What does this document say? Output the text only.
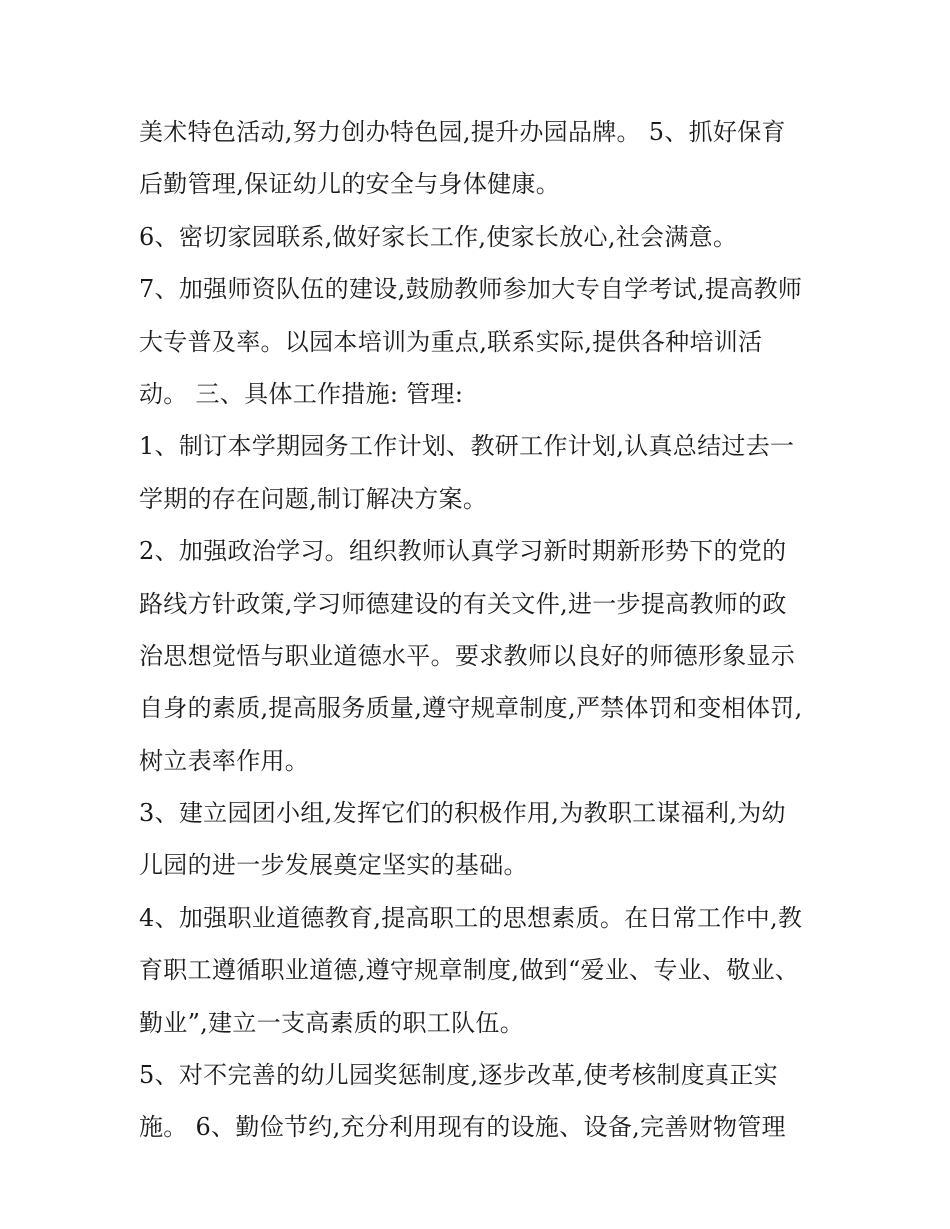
美术特色活动,努力创办特色园,提升办园品牌。 5、抓好保育
后勤管理,保证幼儿的安全与身体健康。
6、密切家园联系,做好家长工作,使家长放心,社会满意。
7、加强师资队伍的建设,鼓励教师参加大专自学考试,提高教师
大专普及率。以园本培训为重点,联系实际,提供各种培训活
动。 三、具体工作措施: 管理:
1、制订本学期园务工作计划、教研工作计划,认真总结过去一
学期的存在问题,制订解决方案。
2、加强政治学习。组织教师认真学习新时期新形势下的党的
路线方针政策,学习师德建设的有关文件,进一步提高教师的政
治思想觉悟与职业道德水平。要求教师以良好的师德形象显示
自身的素质,提高服务质量,遵守规章制度,严禁体罚和变相体罚,
树立表率作用。
3、建立园团小组,发挥它们的积极作用,为教职工谋福利,为幼
儿园的进一步发展奠定坚实的基础。
4、加强职业道德教育,提高职工的思想素质。在日常工作中,教
育职工遵循职业道德,遵守规章制度,做到“爱业、专业、敬业、
勤业”,建立一支高素质的职工队伍。
5、对不完善的幼儿园奖惩制度,逐步改革,使考核制度真正实
施。 6、勤俭节约,充分利用现有的设施、设备,完善财物管理
